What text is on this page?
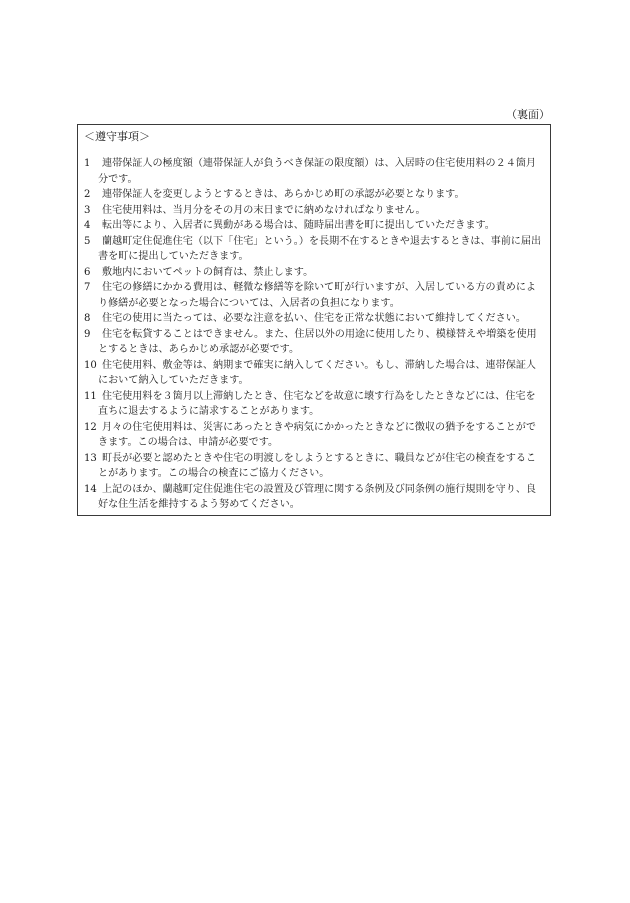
（裏面）
＜遵守事項＞
1	連帯保証人の極度額（連帯保証人が負うべき保証の限度額）は、入居時の住宅使用料の２４箇月分です。
2	連帯保証人を変更しようとするときは、あらかじめ町の承認が必要となります。
3	住宅使用料は、当月分をその月の末日までに納めなければなりません。
4	転出等により、入居者に異動がある場合は、随時届出書を町に提出していただきます。
5	蘭越町定住促進住宅（以下「住宅」という。）を長期不在するときや退去するときは、事前に届出書を町に提出していただきます。
6	敷地内においてペットの飼育は、禁止します。
7	住宅の修繕にかかる費用は、軽微な修繕等を除いて町が行いますが、入居している方の責めにより修繕が必要となった場合については、入居者の負担になります。
8	住宅の使用に当たっては、必要な注意を払い、住宅を正常な状態において維持してください。
9	住宅を転貸することはできません。また、住居以外の用途に使用したり、模様替えや増築を使用とするときは、あらかじめ承認が必要です。
10 住宅使用料、敷金等は、納期まで確実に納入してください。もし、滞納した場合は、連帯保証人において納入していただきます。
11 住宅使用料を３箇月以上滞納したとき、住宅などを故意に壊す行為をしたときなどには、住宅を直ちに退去するように請求することがあります。
12 月々の住宅使用料は、災害にあったときや病気にかかったときなどに徴収の猶予をすることができます。この場合は、申請が必要です。
13 町長が必要と認めたときや住宅の明渡しをしようとするときに、職員などが住宅の検査をすることがあります。この場合の検査にご協力ください。
14 上記のほか、蘭越町定住促進住宅の設置及び管理に関する条例及び同条例の施行規則を守り、良好な住生活を維持するよう努めてください。
